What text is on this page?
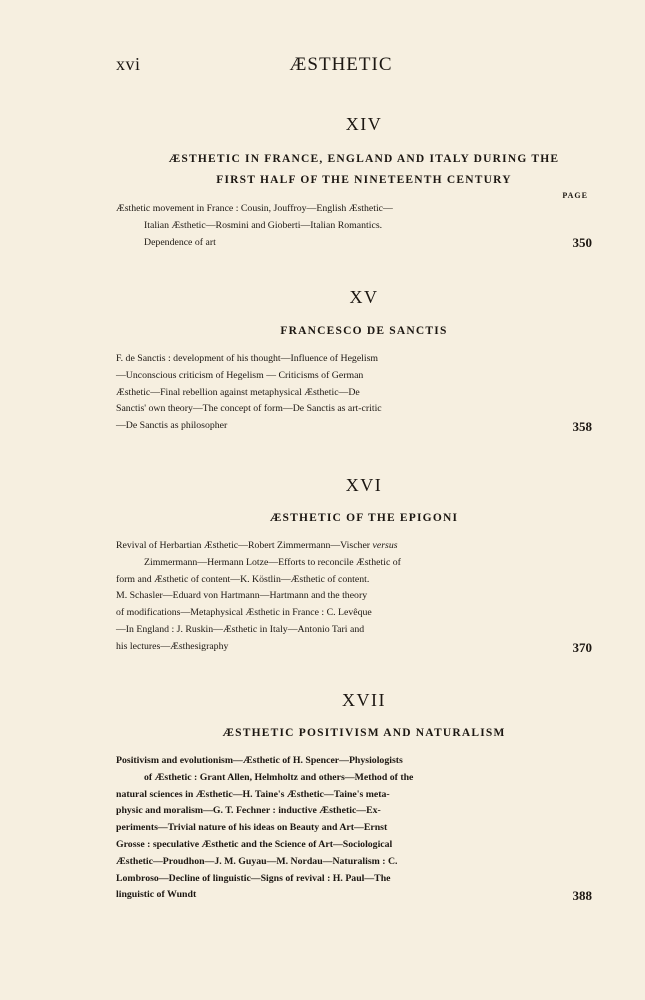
xvi	ÆSTHETIC
XIV
ÆSTHETIC IN FRANCE, ENGLAND AND ITALY DURING THE
FIRST HALF OF THE NINETEENTH CENTURY
PAGE
Æsthetic movement in France : Cousin, Jouffroy—English Æsthetic—
Italian Æsthetic—Rosmini and Gioberti—Italian Romantics.
Dependence of art	350
XV
FRANCESCO DE SANCTIS
F. de Sanctis : development of his thought—Influence of Hegelism
—Unconscious criticism of Hegelism — Criticisms of German
Æsthetic—Final rebellion against metaphysical Æsthetic—De
Sanctis' own theory—The concept of form—De Sanctis as art-critic
—De Sanctis as philosopher	358
XVI
ÆSTHETIC OF THE EPIGONI
Revival of Herbartian Æsthetic—Robert Zimmermann—Vischer versus
Zimmermann—Hermann Lotze—Efforts to reconcile Æsthetic of
form and Æsthetic of content—K. Köstlin—Æsthetic of content.
M. Schasler—Eduard von Hartmann—Hartmann and the theory
of modifications—Metaphysical Æsthetic in France : C. Levêque
—In England : J. Ruskin—Æsthetic in Italy—Antonio Tari and
his lectures—Æsthesigraphy	370
XVII
ÆSTHETIC POSITIVISM AND NATURALISM
Positivism and evolutionism—Æsthetic of H. Spencer—Physiologists
of Æsthetic : Grant Allen, Helmholtz and others—Method of the
natural sciences in Æsthetic—H. Taine's Æsthetic—Taine's meta-
physic and moralism—G. T. Fechner : inductive Æsthetic—Ex-
periments—Trivial nature of his ideas on Beauty and Art—Ernst
Grosse : speculative Æsthetic and the Science of Art—Sociological
Æsthetic—Proudhon—J. M. Guyau—M. Nordau—Naturalism : C.
Lombroso—Decline of linguistic—Signs of revival : H. Paul—The
linguistic of Wundt	388
